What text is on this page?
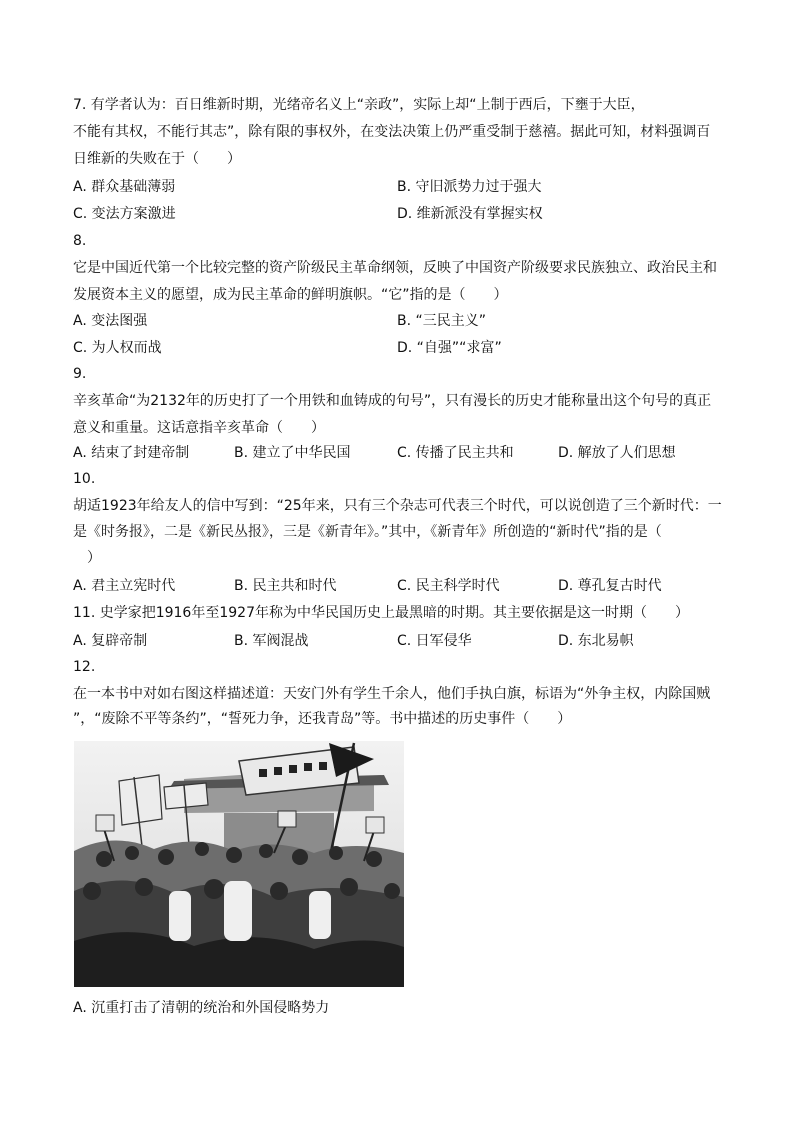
7. 有学者认为：百日维新时期，光绪帝名义上“亲政”，实际上却“上制于西后，下壅于大臣，
不能有其权，不能行其志”，除有限的事权外，在变法决策上仍严重受制于慈禧。据此可知，材料强调百
日维新的失败在于（　　）
A. 群众基础薄弱	B. 守旧派势力过于强大
C. 变法方案激进	D. 维新派没有掌握实权
8.
它是中国近代第一个比较完整的资产阶级民主革命纲领，反映了中国资产阶级要求民族独立、政治民主和
发展资本主义的愿望，成为民主革命的鲜明旗帜。“它”指的是（　　）
A. 变法图强	B. “三民主义”
C. 为人权而战	D. “自强”“求富”
9.
辛亥革命“为2132年的历史打了一个用铁和血铸成的句号”，只有漫长的历史才能称量出这个句号的真正
意义和重量。这话意指辛亥革命（　　）
A. 结束了封建帝制	B. 建立了中华民国	C. 传播了民主共和	D. 解放了人们思想
10.
胡适1923年给友人的信中写到：“25年来，只有三个杂志可代表三个时代，可以说创造了三个新时代：一
是《时务报》，二是《新民丛报》，三是《新青年》。”其中，《新青年》所创造的“新时代”指的是（
　）
A. 君主立宪时代	B. 民主共和时代	C. 民主科学时代	D. 尊孔复古时代
11. 史学家把1916年至1927年称为中华民国历史上最黑暗的时期。其主要依据是这一时期（　　）
A. 复辟帝制	B. 军阀混战	C. 日军侵华	D. 东北易帜
12.
在一本书中对如右图这样描述道：天安门外有学生千余人，他们手执白旗，标语为“外争主权，内除国贼
”，“废除不平等条约”，“誓死力争，还我青岛”等。书中描述的历史事件（　　）
A. 沉重打击了清朝的统治和外国侵略势力
